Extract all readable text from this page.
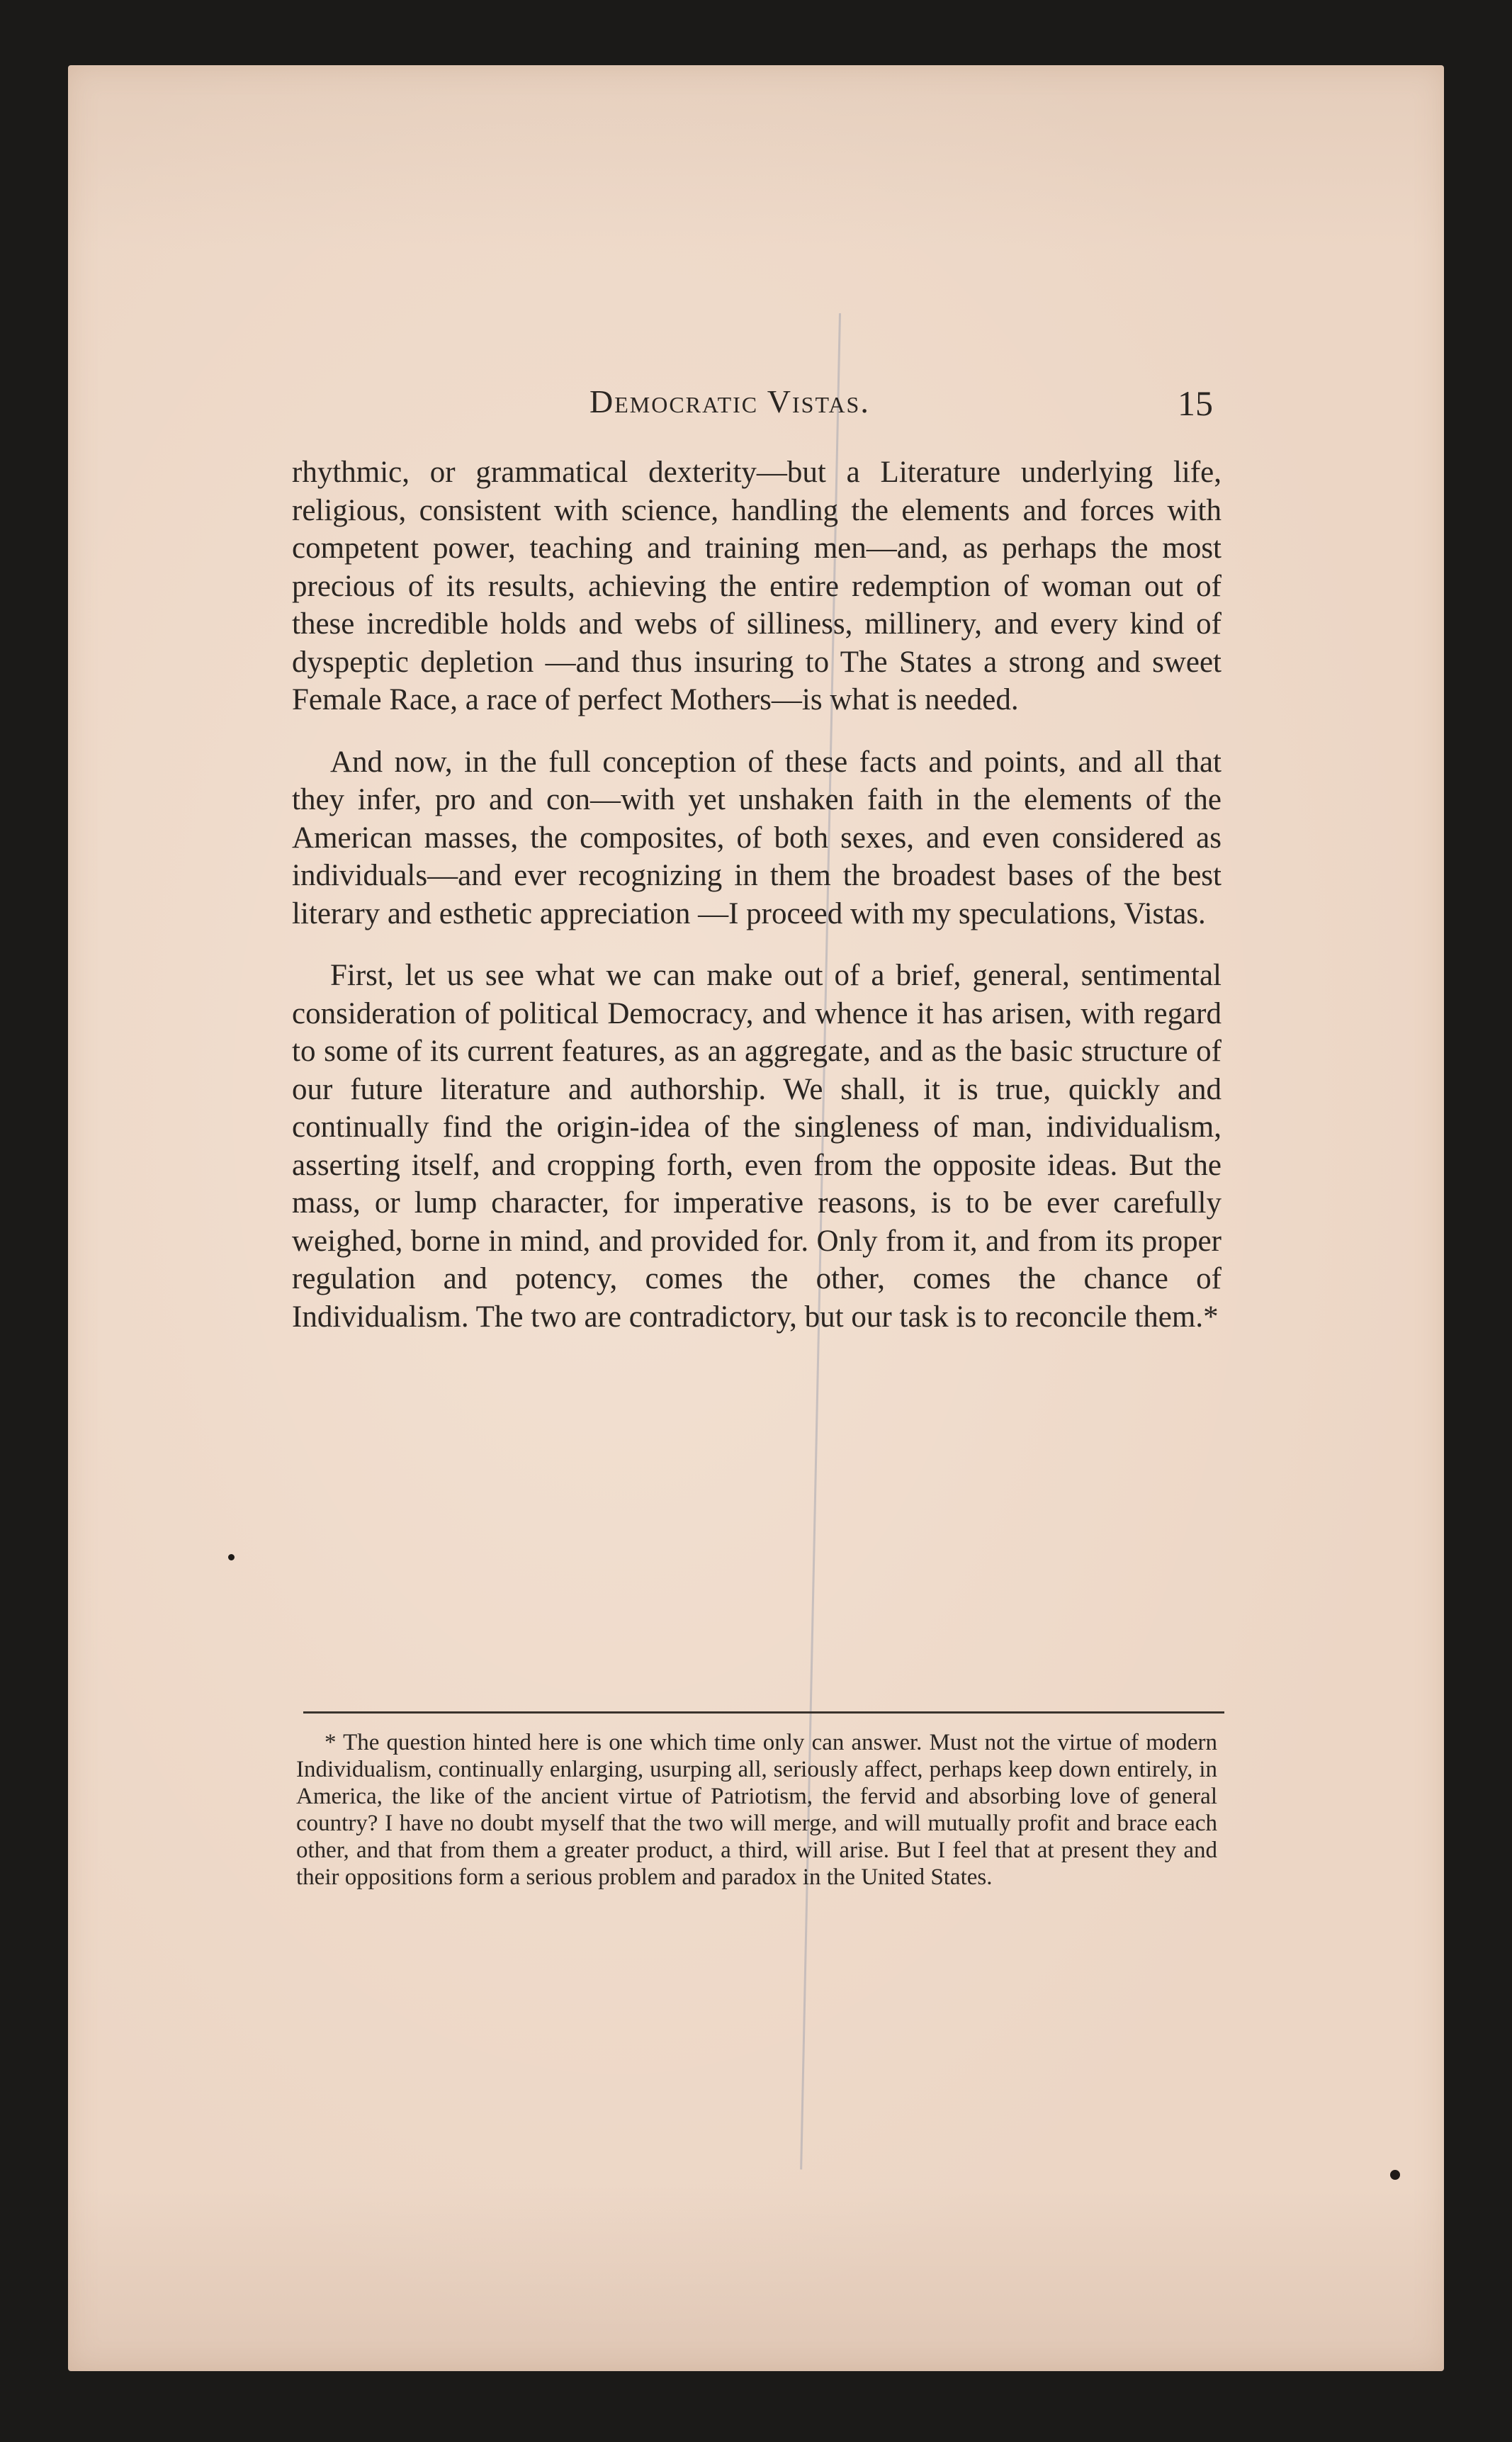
Democratic Vistas.	15

rhythmic, or grammatical dexterity—but a Literature underlying life, religious, consistent with science, handling the elements and forces with competent power, teaching and training men—and, as perhaps the most precious of its results, achieving the entire redemption of woman out of these incredible holds and webs of silliness, millinery, and every kind of dyspeptic depletion —and thus insuring to The States a strong and sweet Female Race, a race of perfect Mothers—is what is needed.

And now, in the full conception of these facts and points, and all that they infer, pro and con—with yet unshaken faith in the elements of the American masses, the composites, of both sexes, and even considered as individuals—and ever recognizing in them the broadest bases of the best literary and esthetic appreciation —I proceed with my speculations, Vistas.

First, let us see what we can make out of a brief, general, sentimental consideration of political Democracy, and whence it has arisen, with regard to some of its current features, as an aggregate, and as the basic structure of our future literature and authorship. We shall, it is true, quickly and continually find the origin-idea of the singleness of man, individualism, asserting itself, and cropping forth, even from the opposite ideas. But the mass, or lump character, for imperative reasons, is to be ever carefully weighed, borne in mind, and provided for. Only from it, and from its proper regulation and potency, comes the other, comes the chance of Individualism. The two are contradictory, but our task is to reconcile them.*

* The question hinted here is one which time only can answer. Must not the virtue of modern Individualism, continually enlarging, usurping all, seriously affect, perhaps keep down entirely, in America, the like of the ancient virtue of Patriotism, the fervid and absorbing love of general country? I have no doubt myself that the two will merge, and will mutually profit and brace each other, and that from them a greater product, a third, will arise. But I feel that at present they and their oppositions form a serious problem and paradox in the United States.
